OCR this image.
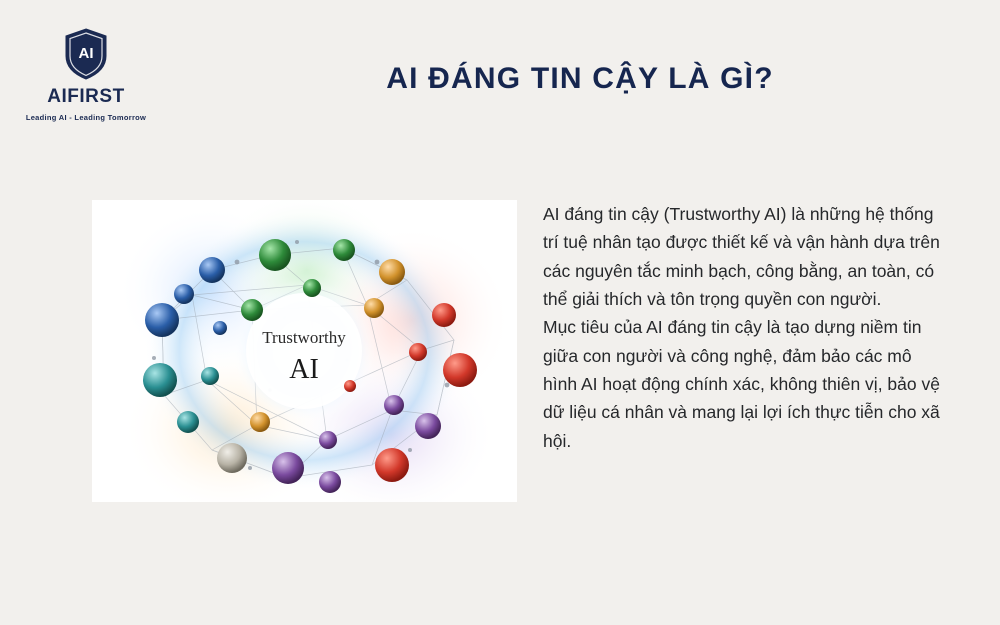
AI
AIFIRST
Leading AI - Leading Tomorrow
AI ĐÁNG TIN CẬY LÀ GÌ?
Trustworthy
AI

AI đáng tin cậy (Trustworthy AI) là những hệ thống trí tuệ nhân tạo được thiết kế và vận hành dựa trên các nguyên tắc minh bạch, công bằng, an toàn, có thể giải thích và tôn trọng quyền con người.

Mục tiêu của AI đáng tin cậy là tạo dựng niềm tin giữa con người và công nghệ, đảm bảo các mô hình AI hoạt động chính xác, không thiên vị, bảo vệ dữ liệu cá nhân và mang lại lợi ích thực tiễn cho xã hội.
